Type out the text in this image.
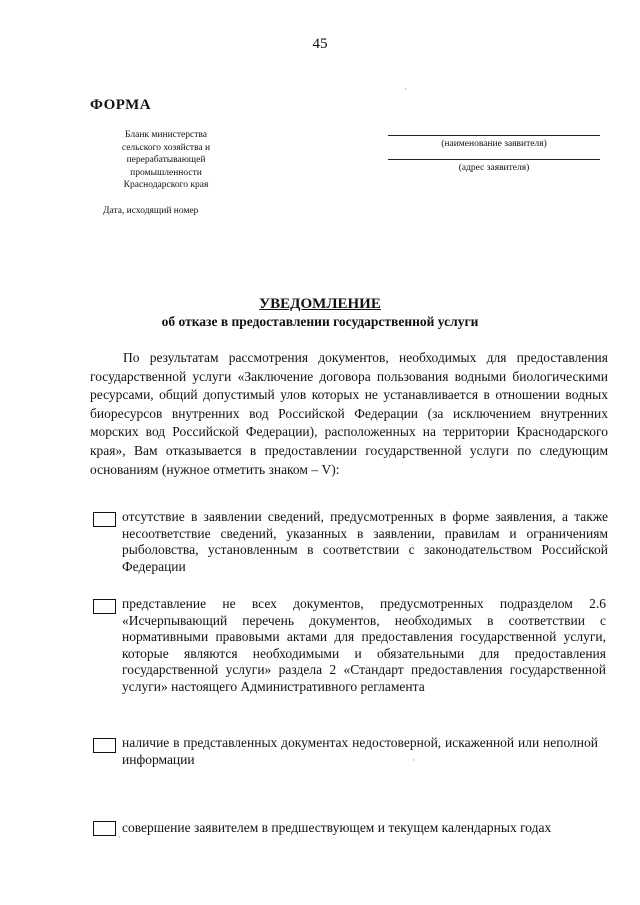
45
ФОРМА
Бланк министерства
сельского хозяйства и
перерабатывающей
промышленности
Краснодарского края
Дата, исходящий номер
(наименование заявителя)
(адрес заявителя)
УВЕДОМЛЕНИЕ
об отказе в предоставлении государственной услуги

По результатам рассмотрения документов, необходимых для предоставления государственной услуги «Заключение договора пользования водными биологическими ресурсами, общий допустимый улов которых не устанавливается в отношении водных биоресурсов внутренних вод Российской Федерации (за исключением внутренних морских вод Российской Федерации), расположенных на территории Краснодарского края», Вам отказывается в предоставлении государственной услуги по следующим основаниям (нужное отметить знаком – V):

отсутствие в заявлении сведений, предусмотренных в форме заявления, а также несоответствие сведений, указанных в заявлении, правилам и ограничениям рыболовства, установленным в соответствии с законодательством Российской Федерации

представление не всех документов, предусмотренных подразделом 2.6 «Исчерпывающий перечень документов, необходимых в соответствии с нормативными правовыми актами для предоставления государственной услуги, которые являются необходимыми и обязательными для предоставления государственной услуги» раздела 2 «Стандарт предоставления государственной услуги» настоящего Административного регламента

наличие в представленных документах недостоверной, искаженной или неполной информации

совершение заявителем в предшествующем и текущем календарных годах

·
·
·
